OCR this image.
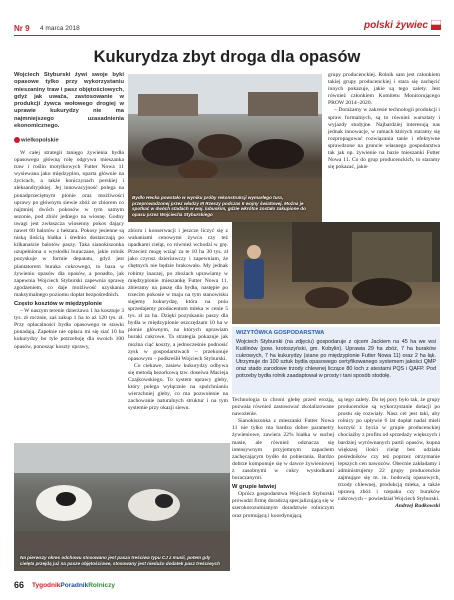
Nr 9 4 marca 2018	polski żywiec
Kukurydza zbyt droga dla opasów
Wojciech Styburski żywi swoje byki opasowe tylko przy wykorzystaniu mieszaniny traw i pasz objętościowych, gdyż jak uważa, zastosowanie w produkcji żywca wołowego drogiej w uprawie kukurydzy nie ma najmniejszego uzasadnienia ekonomicznego.
wielkopolskie

W całej strategii tanięgo żywienia bydła opasowego główną rolę odgrywa mieszanka traw i roślin motylkowych Futter Nowa 11 wysiewana jako międzyplon, oparta głównie na życicach, a także koniczynach perskiej i aleksandryjskiej. Jej innowacyjność polega na ponadprzeciętnym plonie oraz możliwości uprawy po głównym siewie zbóż ze zbiorem co najmniej dwóch pokosów w tym samym sezonie, pod zbiór jednego na wiosnę. Godny uwagi jest zwłaszcza wiosenny pokos dający nawet 60 balotów z hektara. Pokosy jesienne są niską ilością białka i średnio dostarczają po kilkanaście balotów paszy. Taka sianokiszonka uzupełniona o wysłodki buraczane, jakie rolnik pozyskuje w formie depatatu, gdyż jest plantatorem buraka cukrowego, to baza w żywieniu opasów dla opasów, a ponadto, jak zapewnia Wojciech Styburski zapewnia sprawę zgodzeniem, co daje możliwość uzyskania maksymalnego poziomu dopłat bezpośrednich.

Często kosztów w międzyplonie

– W naszym terenie dzierżawa 1 ha kosztuje 3 tys. zł rocznie, zaś zakup 1 ha to aż 120 tys. zł. Przy opłacalności bydła opasowego te stawki ponadają. Zapełnie nie opłaca mi się siać 10 ha kukurydzy bo tyle potrzebuję dla swoich 100 opasów, ponosząc koszty uprawy,

Bydło Hecka powstało w wyniku próby rekonstrukcji wymarłego tura, przeprowadzonej przez władzy III Rzeszy podczas II wojny światowej. Można je spotkać w dwóch stadach w woj. lubuskim, gdzie wkrótce zostało zakupione do opasu przez Wojciecha Styburskiego

zbioru i konserwacji i jeszcze liczyć się z wahaniami cenowymi żywca czy też upadkami cieląt, co również wchodzi w grę. Przecież mogę wziąć za te 10 ha 30 tys. zł jako czynsz dzierżawczy i zapewniam, że chętnych nie będzie brakowało. My jednak robimy inaczej, po zbożach uprawiamy w międzyplonie mieszankę Futter Nowa 11, zbieramy na paszę dla bydła, następie po trzecim pokosie w maju na tym stanowisku sięjemy kukurydzę, która na pniu sprzedajemy producentom mleka w cenie 5 tys. zł za ha. Dzięki pozyskaniu paszy dla bydła w międzyplonie oszczędzam 10 ha w plonie głównym, na których uprawiam buraki cukrowe. Ta strategia pokazuje jak można ciąć koszty, a jednocześnie podnosić zysk w gospodarstwach – przekonuje opasowym – podkreślił Wojciech Styburski.

Co ciekawe, zasiew kukurydzy odbywa się metodą bezorkową tzw. doseiwa Macieja Czajkowskiego. To system uprawy gleby, który polega wyłącznie na spulchnianiu wierzchniej gleby, co ma pozwolenie na zachowanie naturalnych struktur i na tym systemie przy okazji siewu.

grupy producenckiej. Rolnik sam jest członkiem takiej grupy producenckiej i stara się zachęcić innych pokazuje, jakie są tego zalety. Jest również członkiem Komitetu Monitorującego PROW 2014–2020.

– Dorażamy w zakresie technologii produkcji i spraw formalnych, są to również warsztaty i wyjazdy studyjne. Najbardziej interesują nas jednak innowacje, w ramach których staramy się rozpropagować rozwiązania tanie i efektywne sprawdzone na gruncie własnego gospodarstwa tak jak np. żywienie na bazie mieszanki Futter Nowa 11. Co do grup producenckich, to staramy się pokazać, jakie

WIZYTÓWKA GOSPODARSTWA
Wojciech Styburski (na zdjęciu) gospodaruje z ojcem Jackiem na 45 ha we wsi Kuślinów (pow. krotoszyński, gm. Kobylin). Uprawia 29 ha zbóż, 7 ha buraków cukrowych, 7 ha kukurydzy (siane po międzyplonie Futter Nowa 11) oraz 2 ha łąk. Utrzymuje do 100 sztuk bydła opasowego certyfikowanego systemem jakości QMP oraz stado zarodowe trzody chlewnej liczące 80 loch z atestami PQS i QAFP. Pod potrzeby bydła rolnik zaadaptował w prosty i tani sposób stodołę.
Na pierwszy okres odchowu stosowano jest pasza treściwa typu CJ z musli, potem gdy cielęta przejdą już na pasze objętościowe, stosowany jest niedużo dodatek pasz treściwych

Technologia ta chroni glebę przed erozją, pozwala również zastosować zkolalizowane nawożenie.

Sianokiszonka z mieszanki Futter Nowa 11 nie tylko ma bardzo dobre parametry żywieniowe, zawiera 22% białka w suchej masie, ale również odznacza się intensywnym przyjemnym zapachem zachęcającym bydło do pobierania. Bardzo dobrze komponuje się w dawce żywieniowej z zasobnymi w cukry wysłodkami buraczanymi.

W grupie łatwiej

Oprócz gospodarstwa Wojciech Styburski prowadzi firmę doradczą specjalizującą się w szerokorozumianym doradztwie rolniczym oraz promującą i koordynującą

są tego zalety. Do tej pory było tak, że grupy producenckie są wykorzystanie dotacji po prostu się rozwiały. Nasz cel jest taki, aby rolnicy po upływie 6 lat dopłat nadal mieli korzyść z bycia w grupie producenckiej chociażby z profitu od sprzedaży większych i bardziej wyrównanych partii opasów, kupna większej ilości cieląt bez udziału pośredników czy też poprzez otrzymanie lepszych cen nawozów. Obecnie zakładamy i administrujemy 22 grupy producenckie zajmujące się m. in. hodowlą opasowych, trzody chlewnej, produkcją mleka, a także uprawą zbóż i rzepaku czy buraków cukrowych – powiedział Wojciech Styburski.

Andrzej Rudkowski
66 TygodnikPoradnikRolniczy
